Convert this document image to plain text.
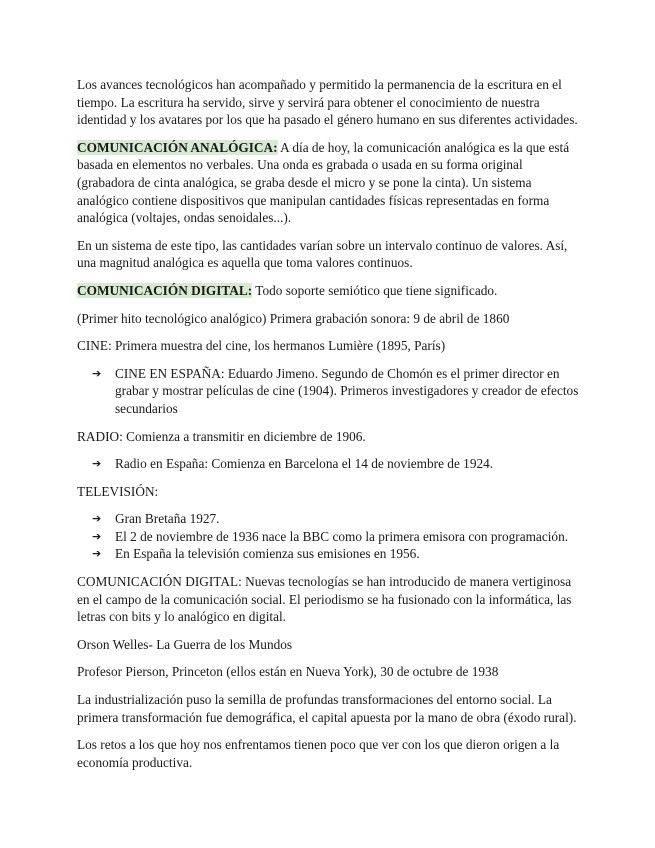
Los avances tecnológicos han acompañado y permitido la permanencia de la escritura en el tiempo. La escritura ha servido, sirve y servirá para obtener el conocimiento de nuestra identidad y los avatares por los que ha pasado el género humano en sus diferentes actividades.

COMUNICACIÓN ANALÓGICA: A día de hoy, la comunicación analógica es la que está basada en elementos no verbales. Una onda es grabada o usada en su forma original (grabadora de cinta analógica, se graba desde el micro y se pone la cinta). Un sistema analógico contiene dispositivos que manipulan cantidades físicas representadas en forma analógica (voltajes, ondas senoidales...).

En un sistema de este tipo, las cantidades varían sobre un intervalo continuo de valores. Así, una magnitud analógica es aquella que toma valores continuos.

COMUNICACIÓN DIGITAL: Todo soporte semiótico que tiene significado.

(Primer hito tecnológico analógico) Primera grabación sonora: 9 de abril de 1860

CINE: Primera muestra del cine, los hermanos Lumière (1895, París)

➔ CINE EN ESPAÑA: Eduardo Jimeno. Segundo de Chomón es el primer director en grabar y mostrar películas de cine (1904). Primeros investigadores y creador de efectos secundarios

RADIO: Comienza a transmitir en diciembre de 1906.

➔ Radio en España: Comienza en Barcelona el 14 de noviembre de 1924.

TELEVISIÓN:

➔ Gran Bretaña 1927.
➔ El 2 de noviembre de 1936 nace la BBC como la primera emisora con programación.
➔ En España la televisión comienza sus emisiones en 1956.

COMUNICACIÓN DIGITAL: Nuevas tecnologías se han introducido de manera vertiginosa en el campo de la comunicación social. El periodismo se ha fusionado con la informática, las letras con bits y lo analógico en digital.

Orson Welles- La Guerra de los Mundos

Profesor Pierson, Princeton (ellos están en Nueva York), 30 de octubre de 1938

La industrialización puso la semilla de profundas transformaciones del entorno social. La primera transformación fue demográfica, el capital apuesta por la mano de obra (éxodo rural).

Los retos a los que hoy nos enfrentamos tienen poco que ver con los que dieron origen a la economía productiva.
